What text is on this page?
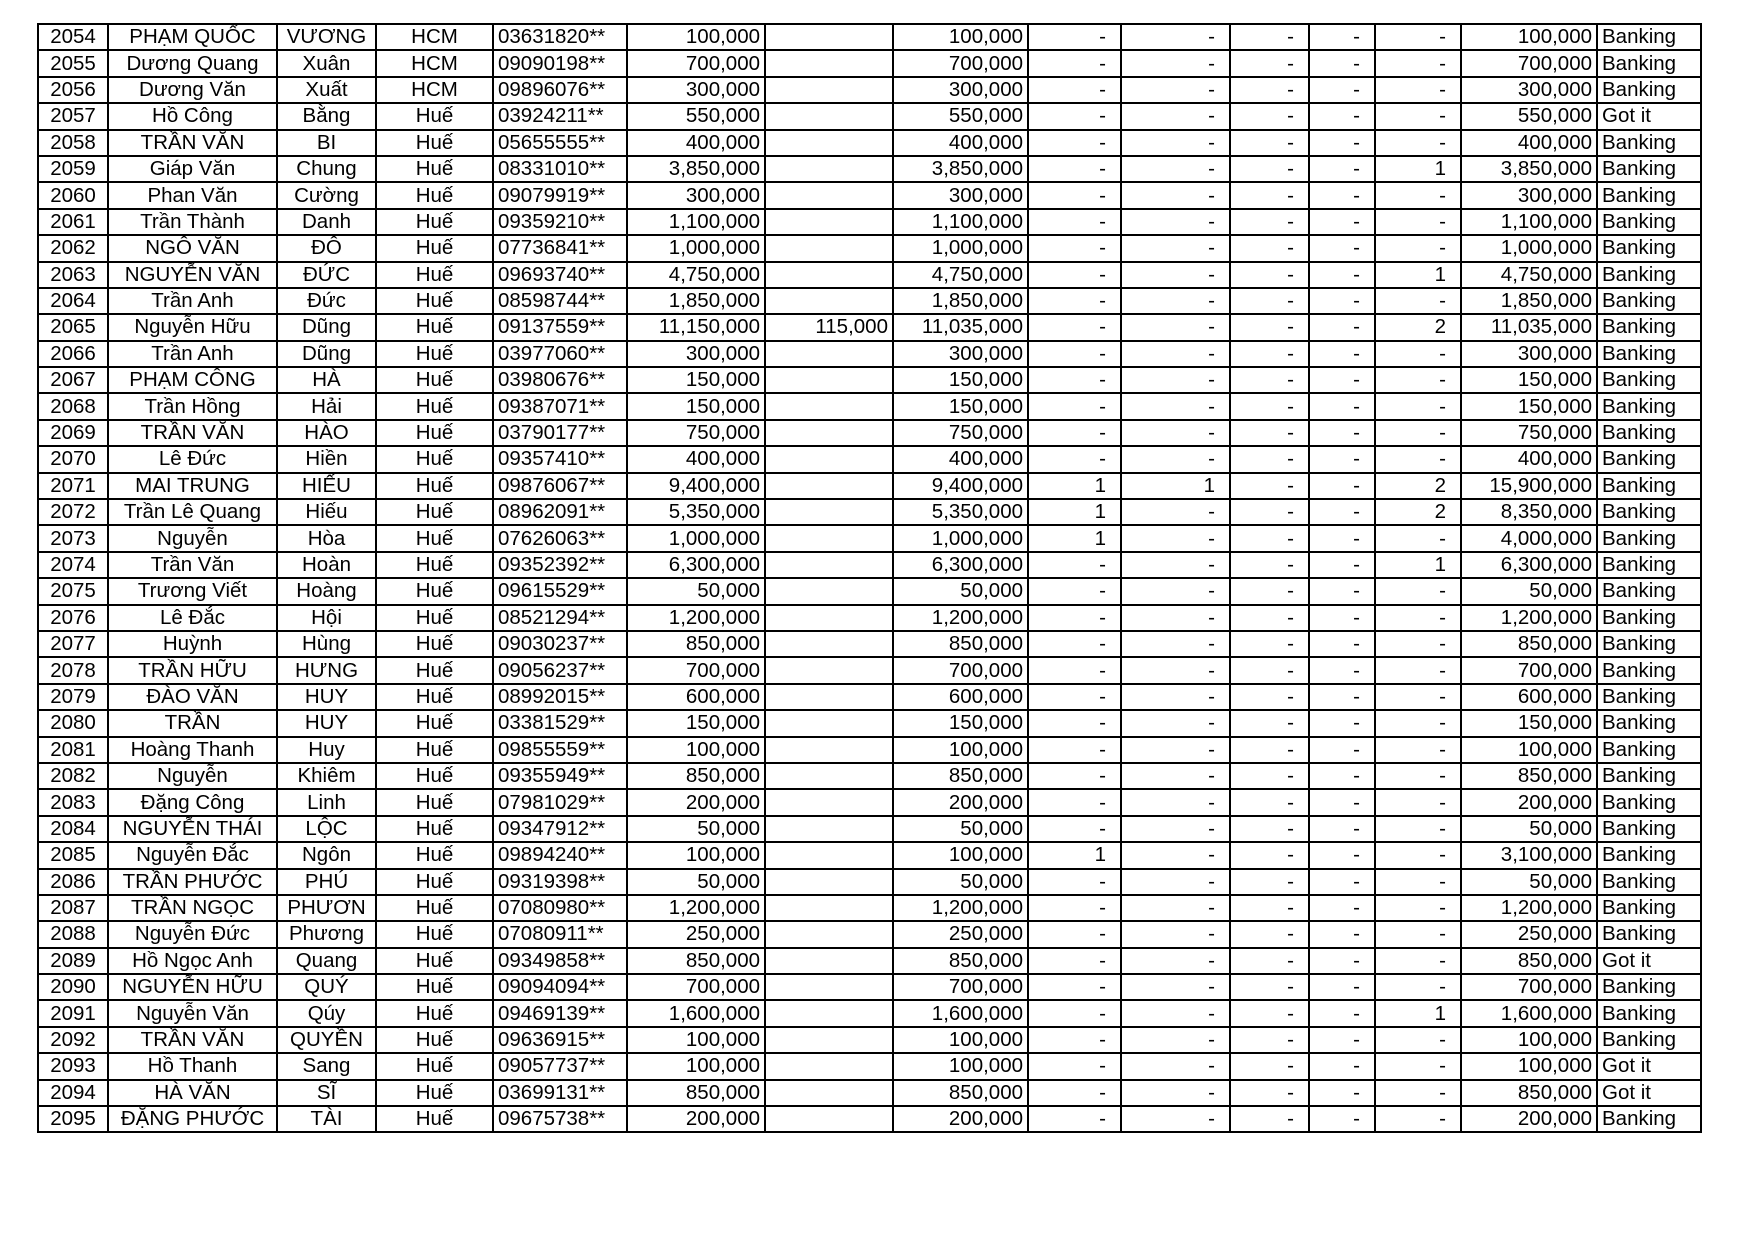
2054	PHẠM QUỐC	VƯƠNG	HCM	03631820**	100,000		100,000	-	-	-	-	-	100,000	Banking
2055	Dương Quang	Xuân	HCM	09090198**	700,000		700,000	-	-	-	-	-	700,000	Banking
2056	Dương Văn	Xuất	HCM	09896076**	300,000		300,000	-	-	-	-	-	300,000	Banking
2057	Hồ Công	Bằng	Huế	03924211**	550,000		550,000	-	-	-	-	-	550,000	Got it
2058	TRẦN VĂN	BI	Huế	05655555**	400,000		400,000	-	-	-	-	-	400,000	Banking
2059	Giáp Văn	Chung	Huế	08331010**	3,850,000		3,850,000	-	-	-	-	1	3,850,000	Banking
2060	Phan Văn	Cường	Huế	09079919**	300,000		300,000	-	-	-	-	-	300,000	Banking
2061	Trần Thành	Danh	Huế	09359210**	1,100,000		1,100,000	-	-	-	-	-	1,100,000	Banking
2062	NGÔ VĂN	ĐÔ	Huế	07736841**	1,000,000		1,000,000	-	-	-	-	-	1,000,000	Banking
2063	NGUYỄN VĂN	ĐỨC	Huế	09693740**	4,750,000		4,750,000	-	-	-	-	1	4,750,000	Banking
2064	Trần Anh	Đức	Huế	08598744**	1,850,000		1,850,000	-	-	-	-	-	1,850,000	Banking
2065	Nguyễn Hữu	Dũng	Huế	09137559**	11,150,000	115,000	11,035,000	-	-	-	-	2	11,035,000	Banking
2066	Trần Anh	Dũng	Huế	03977060**	300,000		300,000	-	-	-	-	-	300,000	Banking
2067	PHẠM CÔNG	HÀ	Huế	03980676**	150,000		150,000	-	-	-	-	-	150,000	Banking
2068	Trần Hồng	Hải	Huế	09387071**	150,000		150,000	-	-	-	-	-	150,000	Banking
2069	TRẦN VĂN	HÀO	Huế	03790177**	750,000		750,000	-	-	-	-	-	750,000	Banking
2070	Lê Đức	Hiền	Huế	09357410**	400,000		400,000	-	-	-	-	-	400,000	Banking
2071	MAI TRUNG	HIẾU	Huế	09876067**	9,400,000		9,400,000	1	1	-	-	2	15,900,000	Banking
2072	Trần Lê Quang	Hiếu	Huế	08962091**	5,350,000		5,350,000	1	-	-	-	2	8,350,000	Banking
2073	Nguyễn	Hòa	Huế	07626063**	1,000,000		1,000,000	1	-	-	-	-	4,000,000	Banking
2074	Trần Văn	Hoàn	Huế	09352392**	6,300,000		6,300,000	-	-	-	-	1	6,300,000	Banking
2075	Trương Viết	Hoàng	Huế	09615529**	50,000		50,000	-	-	-	-	-	50,000	Banking
2076	Lê Đắc	Hội	Huế	08521294**	1,200,000		1,200,000	-	-	-	-	-	1,200,000	Banking
2077	Huỳnh	Hùng	Huế	09030237**	850,000		850,000	-	-	-	-	-	850,000	Banking
2078	TRẦN HỮU	HƯNG	Huế	09056237**	700,000		700,000	-	-	-	-	-	700,000	Banking
2079	ĐÀO VĂN	HUY	Huế	08992015**	600,000		600,000	-	-	-	-	-	600,000	Banking
2080	TRẦN	HUY	Huế	03381529**	150,000		150,000	-	-	-	-	-	150,000	Banking
2081	Hoàng Thanh	Huy	Huế	09855559**	100,000		100,000	-	-	-	-	-	100,000	Banking
2082	Nguyễn	Khiêm	Huế	09355949**	850,000		850,000	-	-	-	-	-	850,000	Banking
2083	Đặng Công	Linh	Huế	07981029**	200,000		200,000	-	-	-	-	-	200,000	Banking
2084	NGUYỄN THÁI	LỘC	Huế	09347912**	50,000		50,000	-	-	-	-	-	50,000	Banking
2085	Nguyễn Đắc	Ngôn	Huế	09894240**	100,000		100,000	1	-	-	-	-	3,100,000	Banking
2086	TRẦN PHƯỚC	PHÚ	Huế	09319398**	50,000		50,000	-	-	-	-	-	50,000	Banking
2087	TRẦN NGỌC	PHƯƠN	Huế	07080980**	1,200,000		1,200,000	-	-	-	-	-	1,200,000	Banking
2088	Nguyễn Đức	Phương	Huế	07080911**	250,000		250,000	-	-	-	-	-	250,000	Banking
2089	Hồ Ngọc Anh	Quang	Huế	09349858**	850,000		850,000	-	-	-	-	-	850,000	Got it
2090	NGUYỄN HỮU	QUÝ	Huế	09094094**	700,000		700,000	-	-	-	-	-	700,000	Banking
2091	Nguyễn Văn	Qúy	Huế	09469139**	1,600,000		1,600,000	-	-	-	-	1	1,600,000	Banking
2092	TRẦN VĂN	QUYỀN	Huế	09636915**	100,000		100,000	-	-	-	-	-	100,000	Banking
2093	Hồ Thanh	Sang	Huế	09057737**	100,000		100,000	-	-	-	-	-	100,000	Got it
2094	HÀ VĂN	SĨ	Huế	03699131**	850,000		850,000	-	-	-	-	-	850,000	Got it
2095	ĐẶNG PHƯỚC	TÀI	Huế	09675738**	200,000		200,000	-	-	-	-	-	200,000	Banking
